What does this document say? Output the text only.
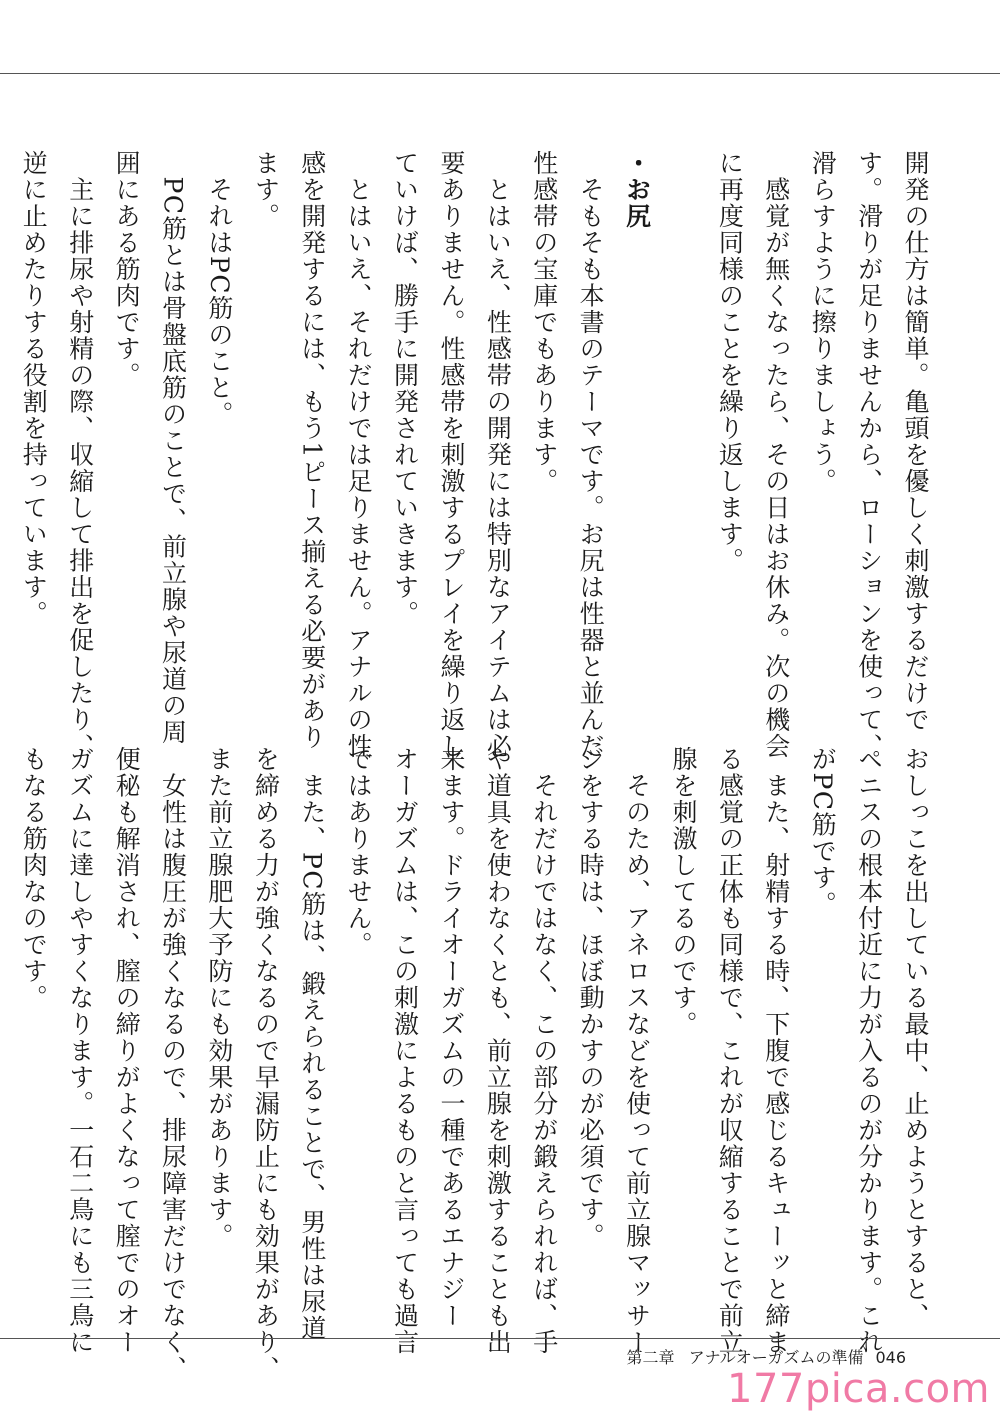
開発の仕方は簡単。亀頭を優しく刺激するだけで

す。滑りが足りませんから、ローションを使って、

滑らすように擦りましょう。

　感覚が無くなったら、その日はお休み。次の機会

に再度同様のことを繰り返します。

・お尻

　そもそも本書のテーマです。お尻は性器と並んだ

性感帯の宝庫でもあります。

　とはいえ、性感帯の開発には特別なアイテムは必

要ありません。性感帯を刺激するプレイを繰り返し

ていけば、勝手に開発されていきます。

　とはいえ、それだけでは足りません。アナルの性

感を開発するには、もう1ピース揃える必要があり

ます。

　それはPC筋のこと。

　PC筋とは骨盤底筋のことで、前立腺や尿道の周

囲にある筋肉です。

　主に排尿や射精の際、収縮して排出を促したり、

逆に止めたりする役割を持っています。

おしっこを出している最中、止めようとすると、

ペニスの根本付近に力が入るのが分かります。これ

がPC筋です。

　また、射精する時、下腹で感じるキューッと締ま

る感覚の正体も同様で、これが収縮することで前立

腺を刺激してるのです。

　そのため、アネロスなどを使って前立腺マッサー

ジをする時は、ほぼ動かすのが必須です。

　それだけではなく、この部分が鍛えられれば、手

や道具を使わなくとも、前立腺を刺激することも出

来ます。ドライオーガズムの一種であるエナジー

オーガズムは、この刺激によるものと言っても過言

ではありません。

　また、PC筋は、鍛えられることで、男性は尿道

を締める力が強くなるので早漏防止にも効果があり、

また前立腺肥大予防にも効果があります。

　女性は腹圧が強くなるので、排尿障害だけでなく、

便秘も解消され、膣の締りがよくなって膣でのオー

ガズムに達しやすくなります。一石二鳥にも三鳥に

もなる筋肉なのです。

第二章 アナルオーガズムの準備 046
177pica.com
